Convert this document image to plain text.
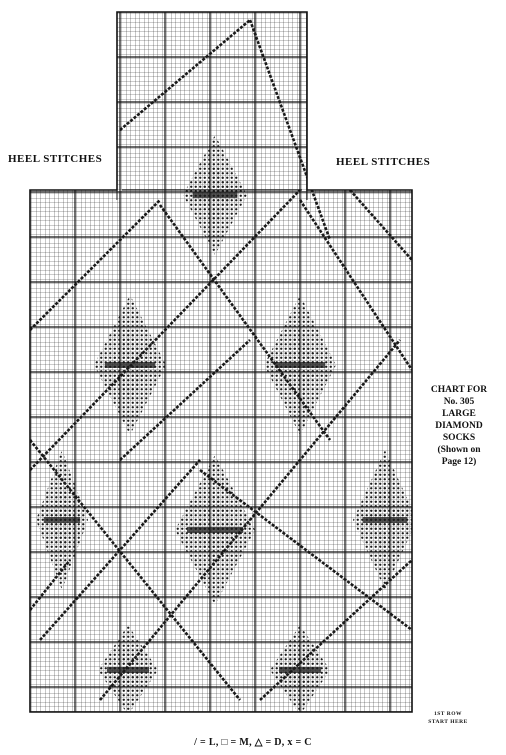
HEEL STITCHES	HEEL STITCHES
CHART FOR
No. 305
LARGE
DIAMOND
SOCKS
(Shown on
Page 12)
1ST ROW
START HERE
/ = L, □ = M, △ = D, x = C
